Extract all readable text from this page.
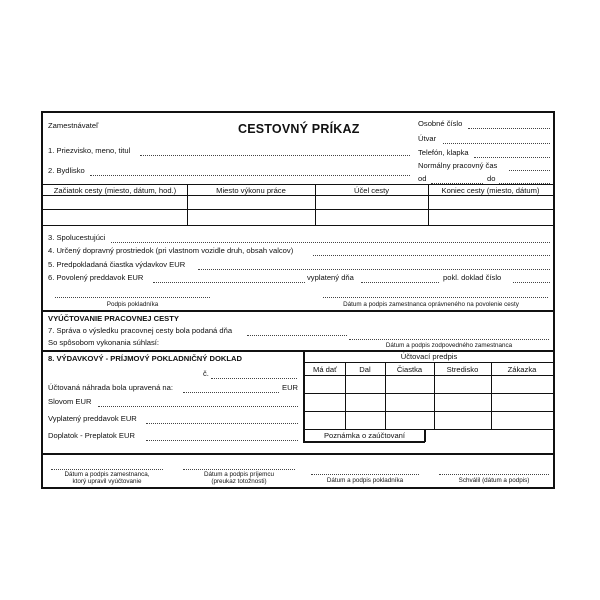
Zamestnávateľ	CESTOVNÝ PRÍKAZ	Osobné číslo
Útvar
Telefón, klapka
Normálny pracovný čas
od	do
1. Priezvisko, meno, titul
2. Bydlisko
Začiatok cesty (miesto, dátum, hod.)	Miesto výkonu práce	Účel cesty	Koniec cesty (miesto, dátum)
3. Spolucestujúci
4. Určený dopravný prostriedok (pri vlastnom vozidle druh, obsah valcov)
5. Predpokladaná čiastka výdavkov EUR
6. Povolený preddavok EUR	vyplatený dňa	pokl. doklad číslo
Podpis pokladníka	Dátum a podpis zamestnanca oprávneného na povolenie cesty
VYÚČTOVANIE PRACOVNEJ CESTY
7. Správa o výsledku pracovnej cesty bola podaná dňa
So spôsobom vykonania súhlasí:	Dátum a podpis zodpovedného zamestnanca
8. VÝDAVKOVÝ - PRÍJMOVÝ POKLADNIČNÝ DOKLAD
č.
Účtovaná náhrada bola upravená na:	EUR
Slovom EUR
Vyplatený preddavok EUR
Doplatok - Preplatok EUR
Účtovací predpis
Má dať	Dal	Čiastka	Stredisko	Zákazka
Poznámka o zaúčtovaní
Dátum a podpis zamestnanca,
ktorý upravil vyúčtovanie
Dátum a podpis príjemcu
(preukaz totožnosti)	Dátum a podpis pokladníka	Schválil (dátum a podpis)
